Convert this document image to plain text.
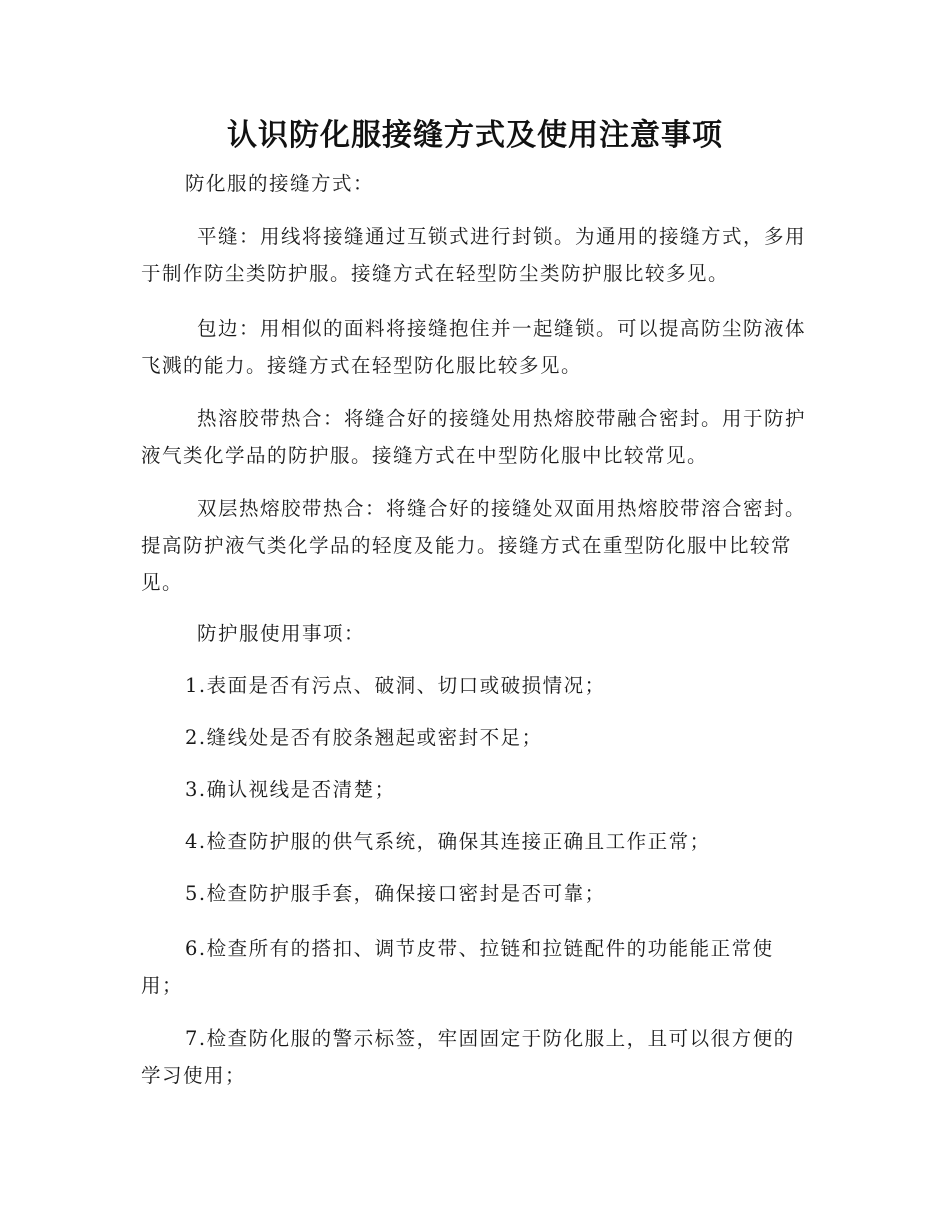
认识防化服接缝方式及使用注意事项

防化服的接缝方式：

平缝：用线将接缝通过互锁式进行封锁。为通用的接缝方式，多用于制作防尘类防护服。接缝方式在轻型防尘类防护服比较多见。

包边：用相似的面料将接缝抱住并一起缝锁。可以提高防尘防液体飞溅的能力。接缝方式在轻型防化服比较多见。

热溶胶带热合：将缝合好的接缝处用热熔胶带融合密封。用于防护液气类化学品的防护服。接缝方式在中型防化服中比较常见。

双层热熔胶带热合：将缝合好的接缝处双面用热熔胶带溶合密封。提高防护液气类化学品的轻度及能力。接缝方式在重型防化服中比较常见。

防护服使用事项：

1.表面是否有污点、破洞、切口或破损情况；

2.缝线处是否有胶条翘起或密封不足；

3.确认视线是否清楚；

4.检查防护服的供气系统，确保其连接正确且工作正常；

5.检查防护服手套，确保接口密封是否可靠；

6.检查所有的搭扣、调节皮带、拉链和拉链配件的功能能正常使用；

7.检查防化服的警示标签，牢固固定于防化服上，且可以很方便的学习使用；
